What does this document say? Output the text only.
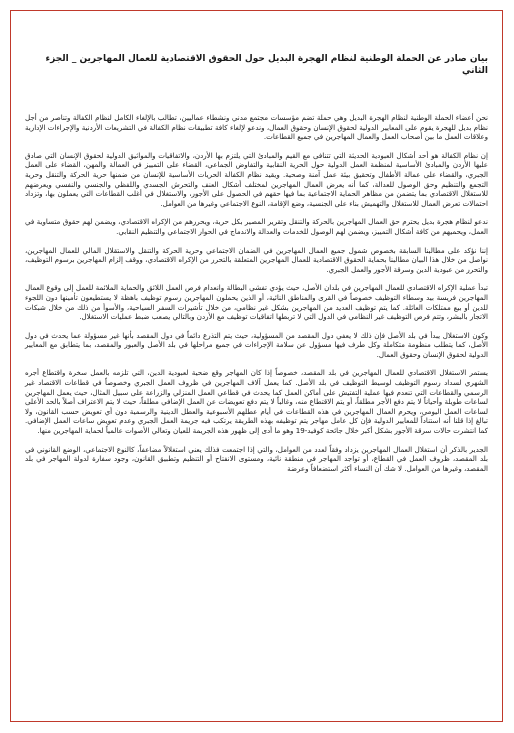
بيان صادر عن الحملة الوطنية لنظام الهجرة البديل حول الحقوق الاقتصادية للعمال المهاجرين _ الجزء الثاني

نحن أعضاء الحملة الوطنية لنظام الهجرة البديل وهي حملة تضم مؤسسات مجتمع مدني ونشطاء عماليين، تطالب بالإلغاء الكامل لنظام الكفالة وتناصر من أجل نظام بديل للهجرة يقوم على المعايير الدولية لحقوق الإنسان وحقوق العمال، وندعو لإلغاء كافة تطبيقات نظام الكفالة في التشريعات الأردنية والإجراءات الإدارية وعلاقات العمل ما بين أصحاب العمل والعمال المهاجرين في جميع القطاعات.

إن نظام الكفالة هو أحد أشكال العبودية الحديثة التي تتنافى مع القيم والمبادئ التي يلتزم بها الأردن، والاتفاقيات والمواثيق الدولية لحقوق الإنسان التي صادق عليها الأردن والمبادئ الأساسية لمنظمة العمل الدولية حول الحرية النقابية والتفاوض الجماعي، القضاء على التمييز في العمالة والمهن، القضاء على العمل الجبري، والقضاء على عمالة الأطفال وتحقيق بيئة عمل آمنة وصحية. ويقيد نظام الكفالة الحريات الأساسية للإنسان من ضمنها حرية الحركة والتنقل وحرية التجمع والتنظيم وحق الوصول للعدالة، كما أنه يعرض العمال المهاجرين لمختلف أشكال العنف والتحرش الجسدي واللفظي والجنسي والنفسي ويعرضهم للاستغلال الاقتصادي بما يتضمن من مظاهر الحماية الاجتماعية بما فيها حقهم في الحصول على الأجور، والاستغلال في أغلب القطاعات التي يعملون بها، وتزداد احتمالات تعرض العمال للاستغلال والتهميش بناء على الجنسية، وضع الإقامة، النوع الاجتماعي وغيرها من العوامل.

ندعو لنظام هجرة بديل يحترم حق العمال المهاجرين بالحركة والتنقل وتقرير المصير بكل حرية، ويحررهم من الإكراه الاقتصادي، ويضمن لهم حقوق متساوية في العمل، ويحميهم من كافة أشكال التمييز، ويضمن لهم الوصول للخدمات والعدالة والاندماج في الحوار الاجتماعي والتنظيم النقابي.

إننا نؤكد على مطالبنا السابقة بخصوص شمول جميع العمال المهاجرين في الضمان الاجتماعي وحرية الحركة والتنقل والاستقلال المالي للعمال المهاجرين، نواصل من خلال هذا البيان مطالبنا بحماية الحقوق الاقتصادية للعمال المهاجرين المتعلقة بالتحرر من الإكراه الاقتصادي، ووقف إلزام المهاجرين برسوم التوظيف، والتحرر من عبودية الدين وسرقة الأجور والعمل الجبري.

تبدأ عملية الإكراه الاقتصادي للعمال المهاجرين في بلدان الأصل، حيث يؤدي تفشي البطالة وانعدام فرص العمل اللائق والحماية الملائمة للعمل إلى وقوع العمال المهاجرين فريسة بيد وسطاء التوظيف خصوصاً في القرى والمناطق النائية، أو الذين يحملون المهاجرين رسوم توظيف باهظة لا يستطيعون تأمينها دون اللجوء للدين أو بيع ممتلكات العائلة. كما يتم توظيف العديد من المهاجرين بشكل غير نظامي، من خلال تأشيرات السفر السياحية، والأسوأ من ذلك من خلال شبكات الاتجار بالبشر، وتتم فرص التوظيف غير النظامي في الدول التي لا تربطها اتفاقيات توظيف مع الأردن وبالتالي يصعب ضبط عمليات الاستغلال.

وكون الاستغلال يبدأ في بلد الأصل فإن ذلك لا يعفي دول المقصد من المسؤولية، حيث يتم التذرع دائماً في دول المقصد بأنها غير مسؤولة عما يحدث في دول الأصل، كما يتطلب منظومة متكاملة وكل طرف فيها مسؤول عن سلامة الإجراءات في جميع مراحلها في بلد الأصل والعبور والمقصد، بما يتطابق مع المعايير الدولية لحقوق الإنسان وحقوق العمال.

يستمر الاستغلال الاقتصادي للعمال المهاجرين في بلد المقصد، خصوصاً إذا كان المهاجر وقع ضحية لعبودية الدين، التي تلزمه بالعمل سخرة واقتطاع أجره الشهري لسداد رسوم التوظيف لوسيط التوظيف في بلد الأصل. كما يعمل آلاف المهاجرين في ظروف العمل الجبري وخصوصاً في قطاعات الاقتصاد غير الرسمي والقطاعات التي تنعدم فيها عملية التفتيش على أماكن العمل كما يحدث في قطاعي العمل المنزلي والزراعة على سبيل المثال، حيث يعمل المهاجرين لساعات طويلة وأحياناً لا يتم دفع الأجر مطلقاً، أو يتم الاقتطاع منه، وغالباً لا يتم دفع تعويضات عن العمل الإضافي مطلقاً، حيث لا يتم الاعتراف أصلاً بالحد الأعلى لساعات العمل اليومي، ويحرم العمال المهاجرين في هذه القطاعات في أيام عطلهم الأسبوعية والعطل الدينية والرسمية دون أي تعويض حسب القانون، ولا تبالغ إذا قلنا أنه استناداً للمعايير الدولية فإن كل عامل مهاجر يتم توظيفه بهذه الطريقة يرتكب فيه جريمة العمل الجبري وعدم تعويض ساعات العمل الإضافي. كما انتشرت حالات سرقة الأجور بشكل أكبر خلال جائحة كوفيد-19 وهو ما أدى إلى ظهور هذه الجريمة للعيان وتعالي الأصوات عالمياً لحماية المهاجرين منها.

الجدير بالذكر أن استغلال العمال المهاجرين يزداد وفقاً لعدد من العوامل، والتي إذا اجتمعت فذلك يعني استغلالاً مضاعفاً، كالنوع الاجتماعي، الوضع القانوني في بلد المقصد، ظروف العمل في القطاع، أو تواجد المهاجر في منطقة نائية، ومستوى الانفتاح أو التنظيم وتطبيق القانون، وجود سفارة لدولة المهاجر في بلد المقصد، وغيرها من العوامل. لا شك أن النساء أكثر استضعافاً وعرضة
